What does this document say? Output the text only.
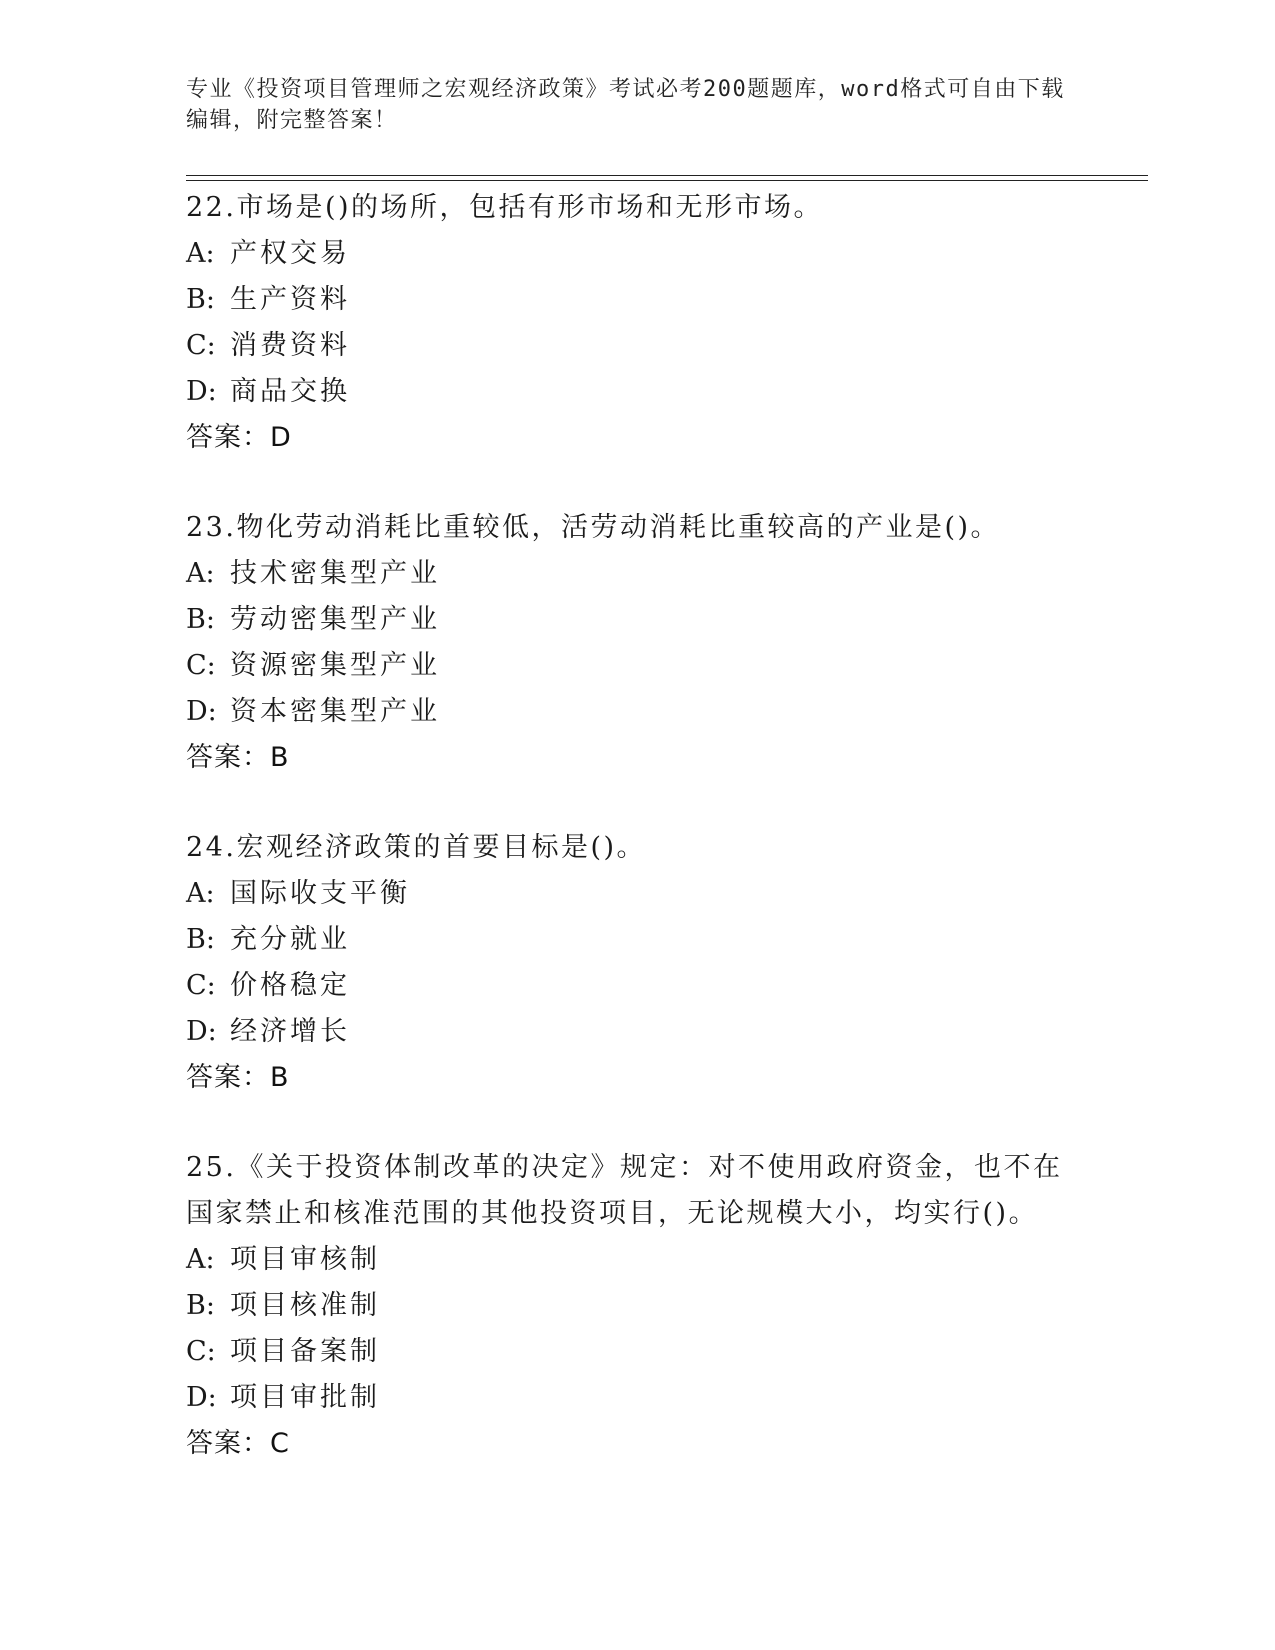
专业《投资项目管理师之宏观经济政策》考试必考200题题库，word格式可自由下载编辑，附完整答案！
22.市场是()的场所，包括有形市场和无形市场。
A: 产权交易
B: 生产资料
C: 消费资料
D: 商品交换
答案：D
23.物化劳动消耗比重较低，活劳动消耗比重较高的产业是()。
A: 技术密集型产业
B: 劳动密集型产业
C: 资源密集型产业
D: 资本密集型产业
答案：B
24.宏观经济政策的首要目标是()。
A: 国际收支平衡
B: 充分就业
C: 价格稳定
D: 经济增长
答案：B
25.《关于投资体制改革的决定》规定：对不使用政府资金，也不在国家禁止和核准范围的其他投资项目，无论规模大小，均实行()。
A: 项目审核制
B: 项目核准制
C: 项目备案制
D: 项目审批制
答案：C
